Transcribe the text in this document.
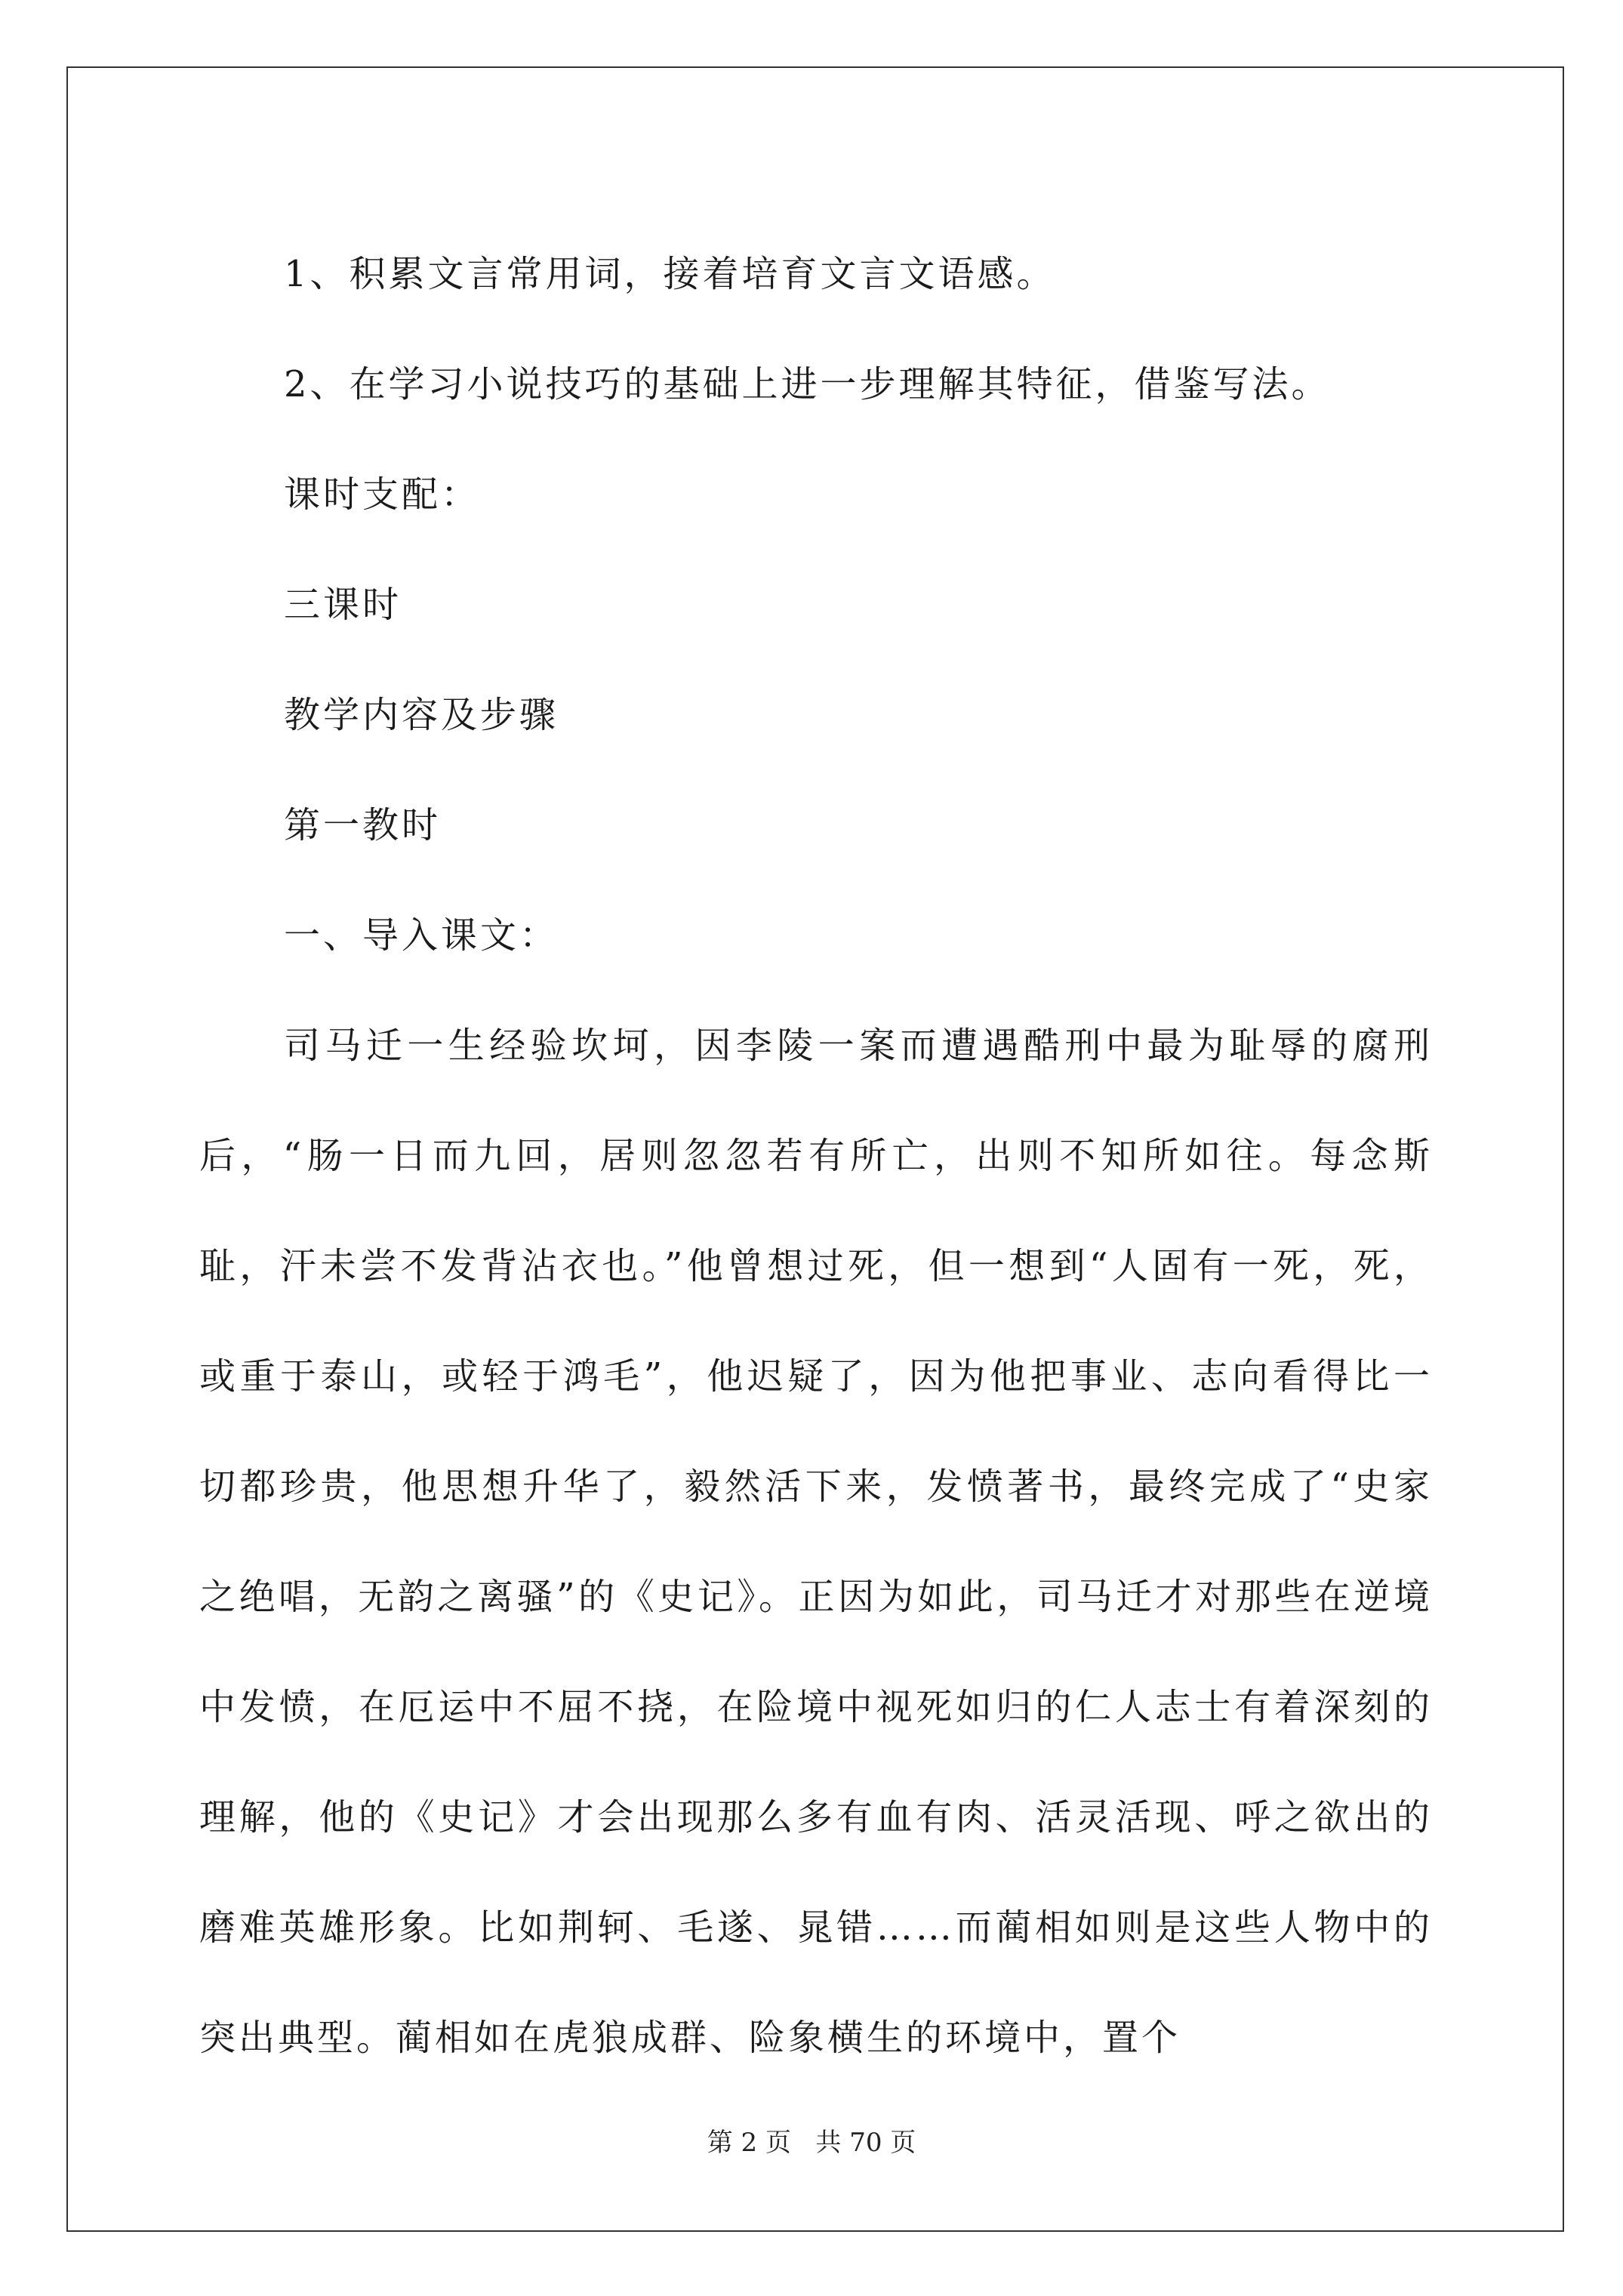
1、积累文言常用词，接着培育文言文语感。

2、在学习小说技巧的基础上进一步理解其特征，借鉴写法。

课时支配：

三课时

教学内容及步骤

第一教时

一、导入课文：

司马迁一生经验坎坷，因李陵一案而遭遇酷刑中最为耻辱的腐刑后，“肠一日而九回，居则忽忽若有所亡，出则不知所如往。每念斯耻，汗未尝不发背沾衣也。”他曾想过死，但一想到“人固有一死，死，或重于泰山，或轻于鸿毛”，他迟疑了，因为他把事业、志向看得比一切都珍贵，他思想升华了，毅然活下来，发愤著书，最终完成了“史家之绝唱，无韵之离骚”的《史记》。正因为如此，司马迁才对那些在逆境中发愤，在厄运中不屈不挠，在险境中视死如归的仁人志士有着深刻的理解，他的《史记》才会出现那么多有血有肉、活灵活现、呼之欲出的磨难英雄形象。比如荆轲、毛遂、晁错……而蔺相如则是这些人物中的突出典型。蔺相如在虎狼成群、险象横生的环境中，置个

第 2 页 共 70 页
